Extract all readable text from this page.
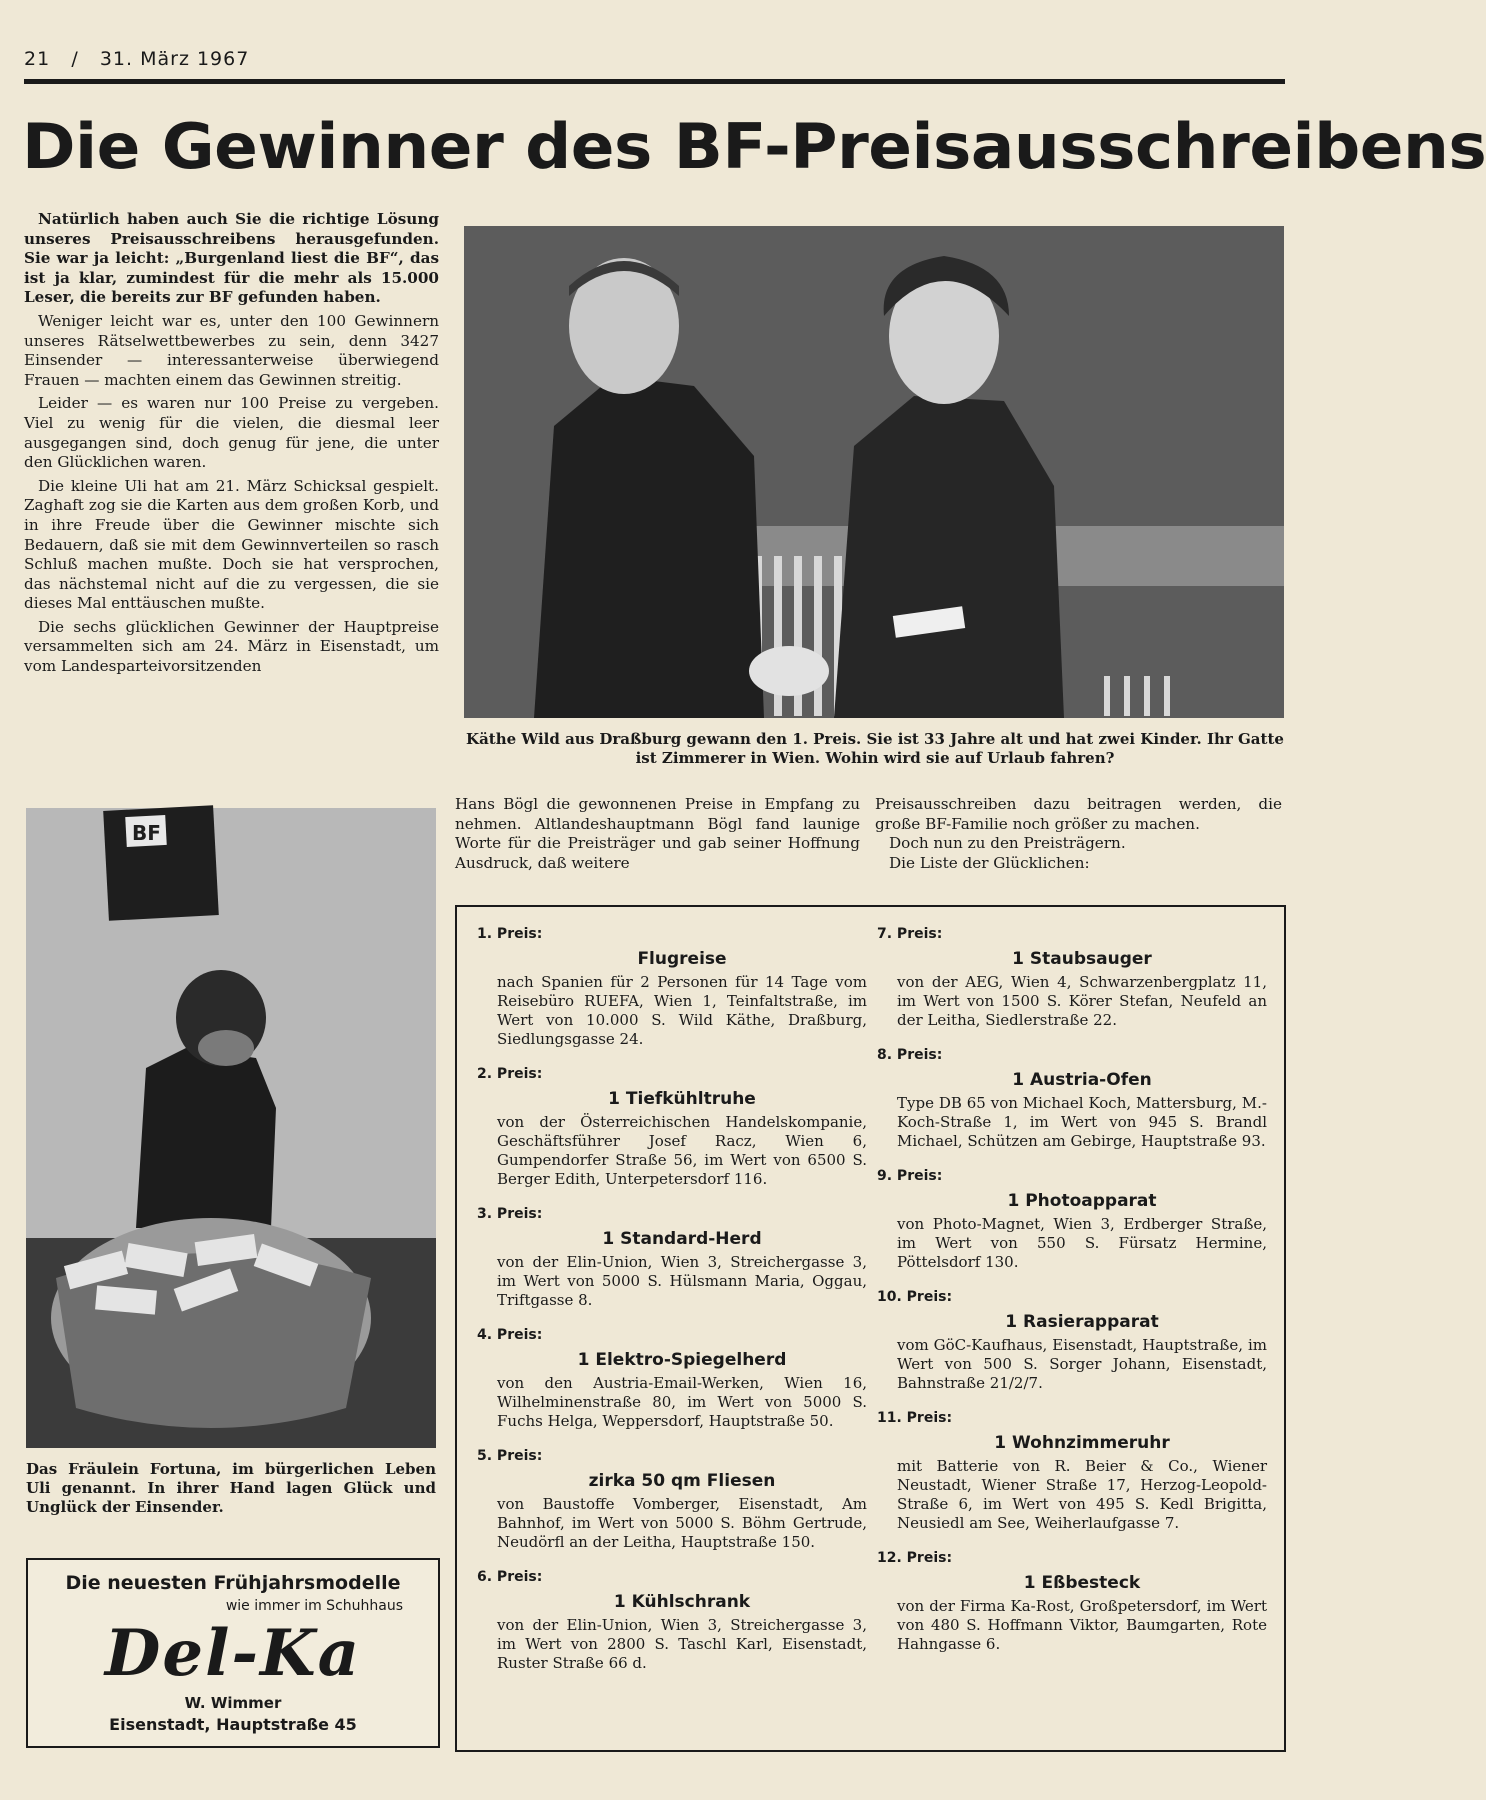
21 / 31. März 1967
Die Gewinner des BF-Preisausschreibens

Natürlich haben auch Sie die richtige Lösung unseres Preisausschreibens herausgefunden. Sie war ja leicht: „Burgenland liest die BF“, das ist ja klar, zumindest für die mehr als 15.000 Leser, die bereits zur BF gefunden haben.

Weniger leicht war es, unter den 100 Gewinnern unseres Rätselwettbewerbes zu sein, denn 3427 Einsender — interessanterweise überwiegend Frauen — machten einem das Gewinnen streitig.

Leider — es waren nur 100 Preise zu vergeben. Viel zu wenig für die vielen, die diesmal leer ausgegangen sind, doch genug für jene, die unter den Glücklichen waren.

Die kleine Uli hat am 21. März Schicksal gespielt. Zaghaft zog sie die Karten aus dem großen Korb, und in ihre Freude über die Gewinner mischte sich Bedauern, daß sie mit dem Gewinnverteilen so rasch Schluß machen mußte. Doch sie hat versprochen, das nächstemal nicht auf die zu vergessen, die sie dieses Mal enttäuschen mußte.

Die sechs glücklichen Gewinner der Hauptpreise versammelten sich am 24. März in Eisenstadt, um vom Landesparteivorsitzenden

Käthe Wild aus Draßburg gewann den 1. Preis. Sie ist 33 Jahre alt und hat zwei Kinder. Ihr Gatte ist Zimmerer in Wien. Wohin wird sie auf Urlaub fahren?
Hans Bögl die gewonnenen Preise in Empfang zu nehmen. Altlandeshauptmann Bögl fand launige Worte für die Preisträger und gab seiner Hoffnung Ausdruck, daß weitere
Preisausschreiben dazu beitragen werden, die große BF-Familie noch größer zu machen.
Doch nun zu den Preisträgern.
Die Liste der Glücklichen:
BF
Das Fräulein Fortuna, im bürgerlichen Leben Uli genannt. In ihrer Hand lagen Glück und Unglück der Einsender.
Die neuesten Frühjahrsmodelle
wie immer im Schuhhaus
Del-Ka
W. Wimmer
Eisenstadt, Hauptstraße 45
1. Preis:
Flugreise
nach Spanien für 2 Personen für 14 Tage vom Reisebüro RUEFA, Wien 1, Teinfaltstraße, im Wert von 10.000 S. Wild Käthe, Draßburg, Siedlungsgasse 24.
2. Preis:
1 Tiefkühltruhe
von der Österreichischen Handelskompanie, Geschäftsführer Josef Racz, Wien 6, Gumpendorfer Straße 56, im Wert von 6500 S. Berger Edith, Unterpetersdorf 116.
3. Preis:
1 Standard-Herd
von der Elin-Union, Wien 3, Streichergasse 3, im Wert von 5000 S. Hülsmann Maria, Oggau, Triftgasse 8.
4. Preis:
1 Elektro-Spiegelherd
von den Austria-Email-Werken, Wien 16, Wilhelminenstraße 80, im Wert von 5000 S. Fuchs Helga, Weppersdorf, Hauptstraße 50.
5. Preis:
zirka 50 qm Fliesen
von Baustoffe Vomberger, Eisenstadt, Am Bahnhof, im Wert von 5000 S. Böhm Gertrude, Neudörfl an der Leitha, Hauptstraße 150.
6. Preis:
1 Kühlschrank
von der Elin-Union, Wien 3, Streichergasse 3, im Wert von 2800 S. Taschl Karl, Eisenstadt, Ruster Straße 66 d.
7. Preis:
1 Staubsauger
von der AEG, Wien 4, Schwarzenbergplatz 11, im Wert von 1500 S. Körer Stefan, Neufeld an der Leitha, Siedlerstraße 22.
8. Preis:
1 Austria-Ofen
Type DB 65 von Michael Koch, Mattersburg, M.-Koch-Straße 1, im Wert von 945 S. Brandl Michael, Schützen am Gebirge, Hauptstraße 93.
9. Preis:
1 Photoapparat
von Photo-Magnet, Wien 3, Erdberger Straße, im Wert von 550 S. Fürsatz Hermine, Pöttelsdorf 130.
10. Preis:
1 Rasierapparat
vom GöC-Kaufhaus, Eisenstadt, Hauptstraße, im Wert von 500 S. Sorger Johann, Eisenstadt, Bahnstraße 21/2/7.
11. Preis:
1 Wohnzimmeruhr
mit Batterie von R. Beier & Co., Wiener Neustadt, Wiener Straße 17, Herzog-Leopold-Straße 6, im Wert von 495 S. Kedl Brigitta, Neusiedl am See, Weiherlaufgasse 7.
12. Preis:
1 Eßbesteck
von der Firma Ka-Rost, Großpetersdorf, im Wert von 480 S. Hoffmann Viktor, Baumgarten, Rote Hahngasse 6.
